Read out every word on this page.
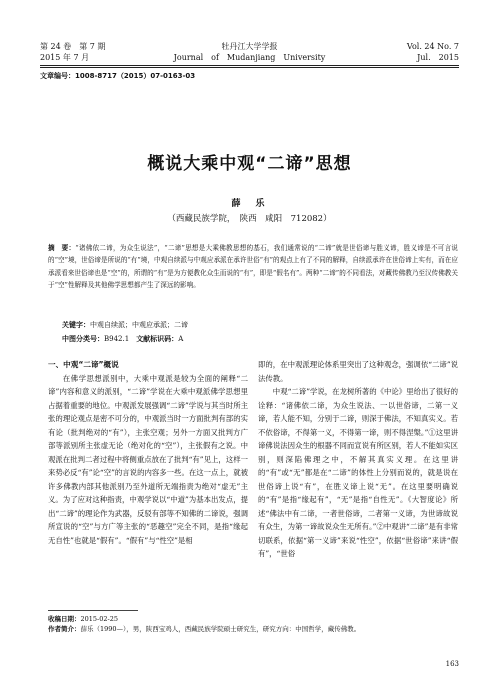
第 24 卷　第 7 期
2015 年 7 月
牡丹江大学学报
Journal　of　Mudanjiang　University
Vol. 24 No. 7
Jul.　2015
文章编号：1008-8717（2015）07-0163-03
概说大乘中观“二谛”思想
薛　乐
（西藏民族学院，　陕西　咸阳　712082）
摘　要：“诸佛依二谛，为众生说法”，“二谛”思想是大乘佛教思想的基石，我们通常说的“二谛”就是世俗谛与胜义谛，胜义谛是不可言说的“空”境，世俗谛是所说的“有”境，中观自续派与中观应承派在承许世俗“有”的观点上有了不同的解释，自续派承许在世俗谛上实有，而在应承派看来世俗谛也是“空”的，所谓的“有”是为方便教化众生而说的“有”，即是“假名有”。两种“二谛”的不同看法，对藏传佛教乃至汉传佛教关于“空”性解释及其他佛学思想都产生了深远的影响。
关键字：中观自续派；中观应承派；二谛
中图分类号：B942.1　 文献标识码：A
一、中观“二谛”概说

在佛学思想派别中，大乘中观派是较为全面的阐释“二谛”内容和意义的派别，“二谛”学说在大乘中观派佛学思想里占据着重要的地位。中观派发展强调“二谛”学说与其当时所主张的理论观点是密不可分的，中观派当时一方面批判有部的实有论（批判绝对的“有”），主张空观；另外一方面又批判方广部等派别所主张虚无论（绝对化的“空”），主张假有之说。中观派在批判二者过程中将侧重点放在了批判“有”见上，这样一来势必反“有”论“空”的言说的内容多一些。在这一点上，就被许多佛教内部其他派别乃至外道所无端指责为绝对“虚无”主义。为了应对这种指责，中观学说以“中道”为基本出发点，提出“二谛”的理论作为武器，反驳有部等不知佛的二谛说，强调所宣说的“空”与方广等主张的“恶趣空”完全不同，是指“缘起无自性”也就是“假有”。“假有”与“性空”是相

即的，在中观派理论体系里突出了这种观念，强调依“二谛”说法传教。

中观“二谛”学说，在龙树所著的《中论》里给出了很好的诠释：“诸佛依二谛，为众生说法、一以世俗谛，二第一义谛，若人能不知，分别于二谛，则深于佛法，不知真实义。若不依俗谛，不得第一义，不得第一谛，则不得涅槃。”①这里讲谛佛说法因众生的根器不同而宣说有所区别，若人不能如实区别，则深陷佛理之中，不解其真实义理。在这里讲的“有”或“无”都是在“二谛”的体性上分别而说的，就是说在世俗谛上说“有”，在胜义谛上说“无”。在这里要明确说的“有”是指“缘起有”，“无”是指“自性无”。《大智度论》所述“佛法中有二谛，一者世俗谛，二者第一义谛，为世谛故说有众生，为第一谛故说众生无所有。”②中观讲“二谛”是有非常切联系，依据“第一义谛”来说“性空”，依据“世俗谛”来讲“假有”，“世俗

收稿日期：2015-02-25
作者简介：薛乐（1990—），男，陕西宝鸡人，西藏民族学院硕士研究生，研究方向：中国哲学，藏传佛教。
163
